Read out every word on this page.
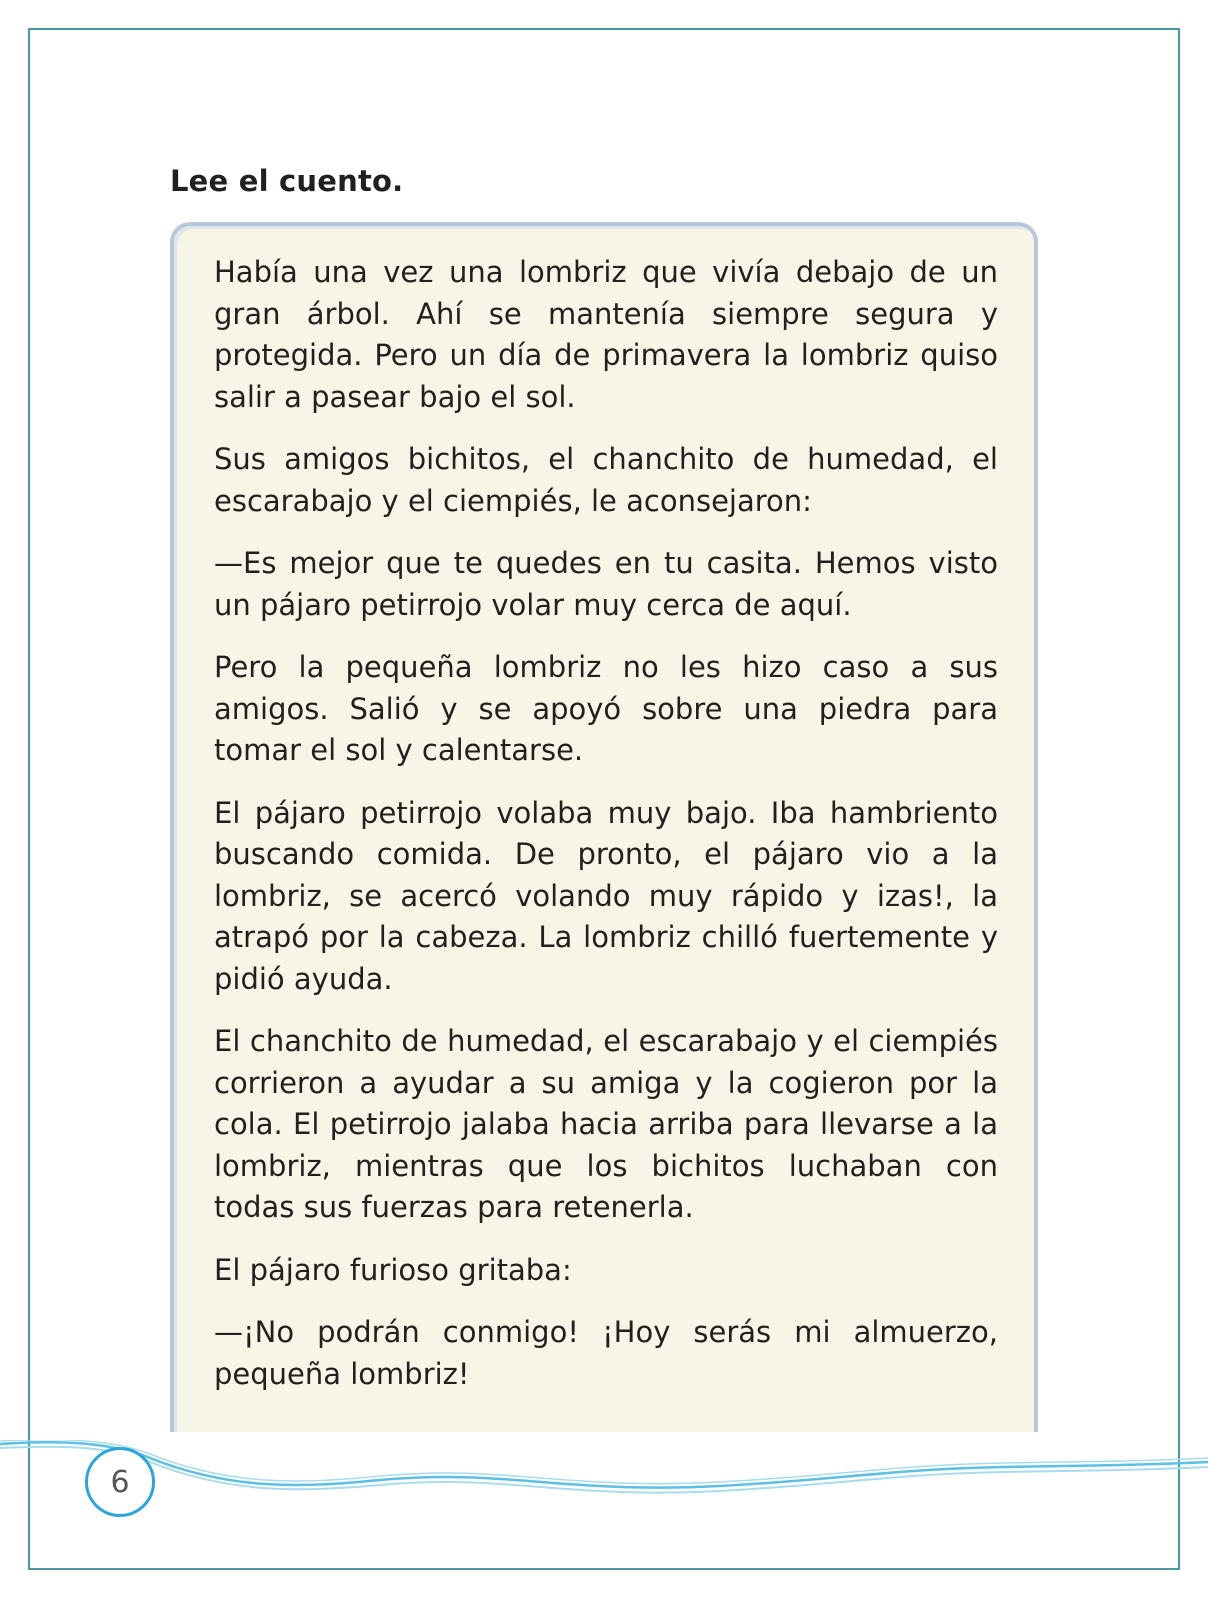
Lee el cuento.

Había una vez una lombriz que vivía debajo de un gran árbol. Ahí se mantenía siempre segura y protegida. Pero un día de primavera la lombriz quiso salir a pasear bajo el sol.

Sus amigos bichitos, el chanchito de humedad, el escarabajo y el ciempiés, le aconsejaron:

—Es mejor que te quedes en tu casita. Hemos visto un pájaro petirrojo volar muy cerca de aquí.

Pero la pequeña lombriz no les hizo caso a sus amigos. Salió y se apoyó sobre una piedra para tomar el sol y calentarse.

El pájaro petirrojo volaba muy bajo. Iba hambriento buscando comida. De pronto, el pájaro vio a la lombriz, se acercó volando muy rápido y izas!, la atrapó por la cabeza. La lombriz chilló fuertemente y pidió ayuda.

El chanchito de humedad, el escarabajo y el ciempiés corrieron a ayudar a su amiga y la cogieron por la cola. El petirrojo jalaba hacia arriba para llevarse a la lombriz, mientras que los bichitos luchaban con todas sus fuerzas para retenerla.

El pájaro furioso gritaba:

—¡No podrán conmigo! ¡Hoy serás mi almuerzo, pequeña lombriz!

6
